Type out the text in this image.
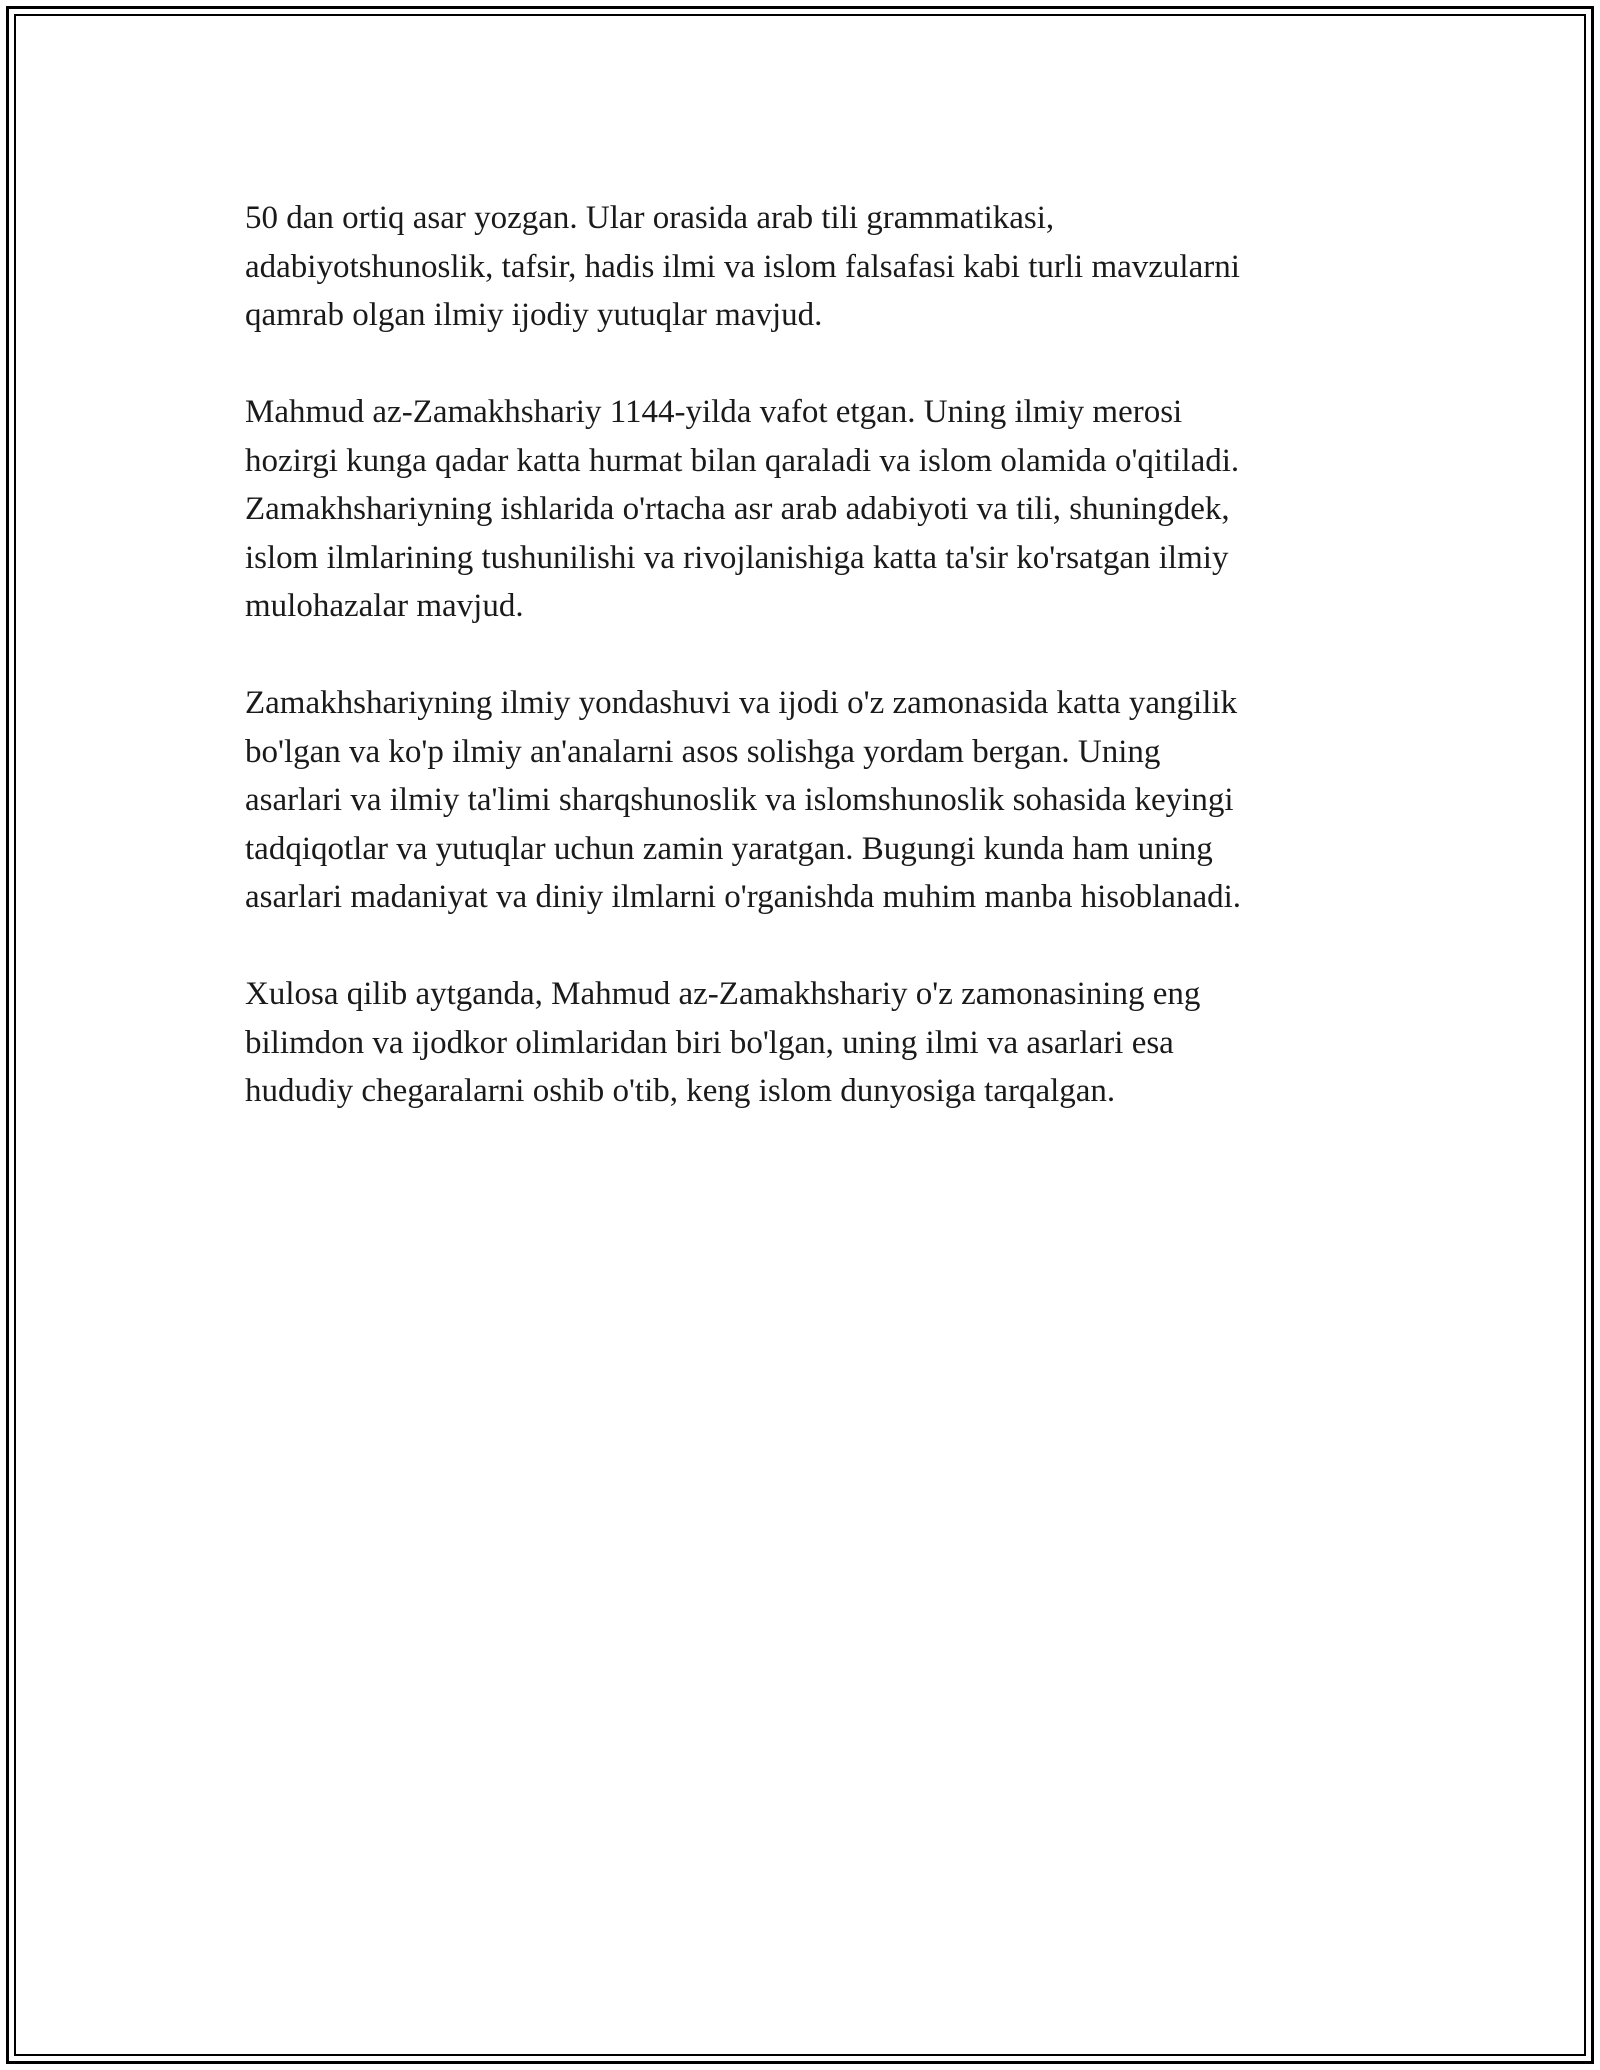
50 dan ortiq asar yozgan. Ular orasida arab tili grammatikasi,
adabiyotshunoslik, tafsir, hadis ilmi va islom falsafasi kabi turli mavzularni
qamrab olgan ilmiy ijodiy yutuqlar mavjud.

Mahmud az-Zamakhshariy 1144-yilda vafot etgan. Uning ilmiy merosi
hozirgi kunga qadar katta hurmat bilan qaraladi va islom olamida o'qitiladi.
Zamakhshariyning ishlarida o'rtacha asr arab adabiyoti va tili, shuningdek,
islom ilmlarining tushunilishi va rivojlanishiga katta ta'sir ko'rsatgan ilmiy
mulohazalar mavjud.

Zamakhshariyning ilmiy yondashuvi va ijodi o'z zamonasida katta yangilik
bo'lgan va ko'p ilmiy an'analarni asos solishga yordam bergan. Uning
asarlari va ilmiy ta'limi sharqshunoslik va islomshunoslik sohasida keyingi
tadqiqotlar va yutuqlar uchun zamin yaratgan. Bugungi kunda ham uning
asarlari madaniyat va diniy ilmlarni o'rganishda muhim manba hisoblanadi.

Xulosa qilib aytganda, Mahmud az-Zamakhshariy o'z zamonasining eng
bilimdon va ijodkor olimlaridan biri bo'lgan, uning ilmi va asarlari esa
hududiy chegaralarni oshib o'tib, keng islom dunyosiga tarqalgan.
